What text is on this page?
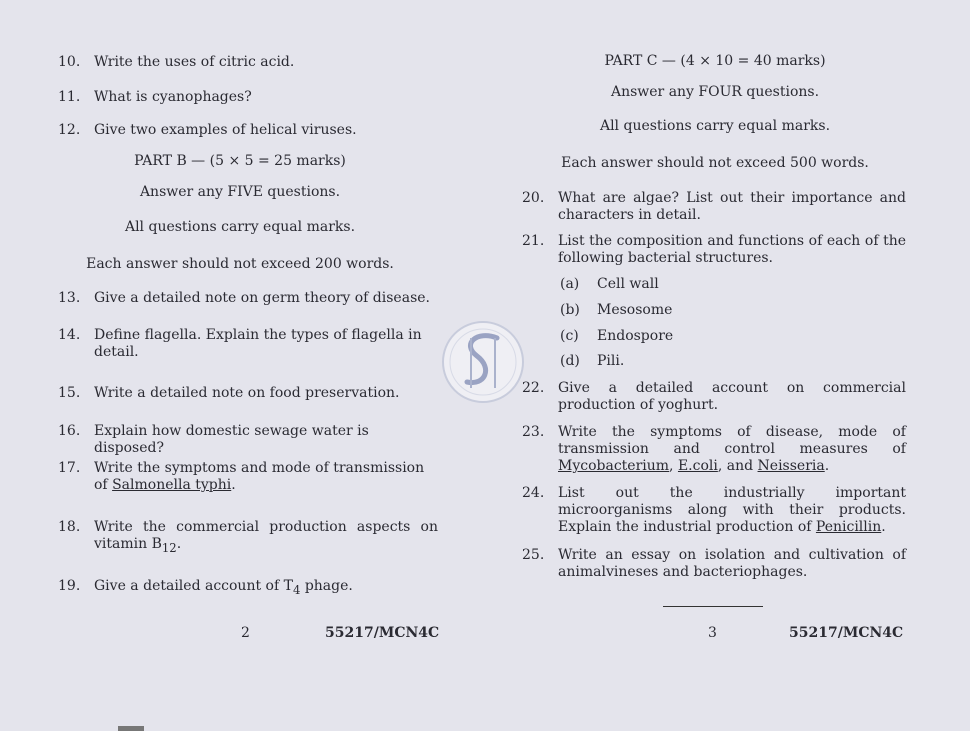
10. Write the uses of citric acid.
11. What is cyanophages?
12. Give two examples of helical viruses.
PART B — (5 × 5 = 25 marks)
Answer any FIVE questions.
All questions carry equal marks.
Each answer should not exceed 200 words.
13. Give a detailed note on germ theory of disease.
14. Define flagella. Explain the types of flagella in detail.
15. Write a detailed note on food preservation.
16. Explain how domestic sewage water is disposed?
17. Write the symptoms and mode of transmission of Salmonella typhi.
18. Write the commercial production aspects on vitamin $B_{12}$.
19. Give a detailed account of $T_4$ phage.
2	55217/MCN4C
PART C — (4 × 10 = 40 marks)
Answer any FOUR questions.
All questions carry equal marks.
Each answer should not exceed 500 words.
20. What are algae? List out their importance and characters in detail.
21. List the composition and functions of each of the following bacterial structures.
(a)	Cell wall
(b)	Mesosome
(c)	Endospore
(d)	Pili.
22. Give a detailed account on commercial production of yoghurt.
23. Write the symptoms of disease, mode of transmission and control measures of Mycobacterium, E.coli, and Neisseria.
24. List out the industrially important microorganisms along with their products. Explain the industrial production of Penicillin.
25. Write an essay on isolation and cultivation of animalvineses and bacteriophages.
3	55217/MCN4C
